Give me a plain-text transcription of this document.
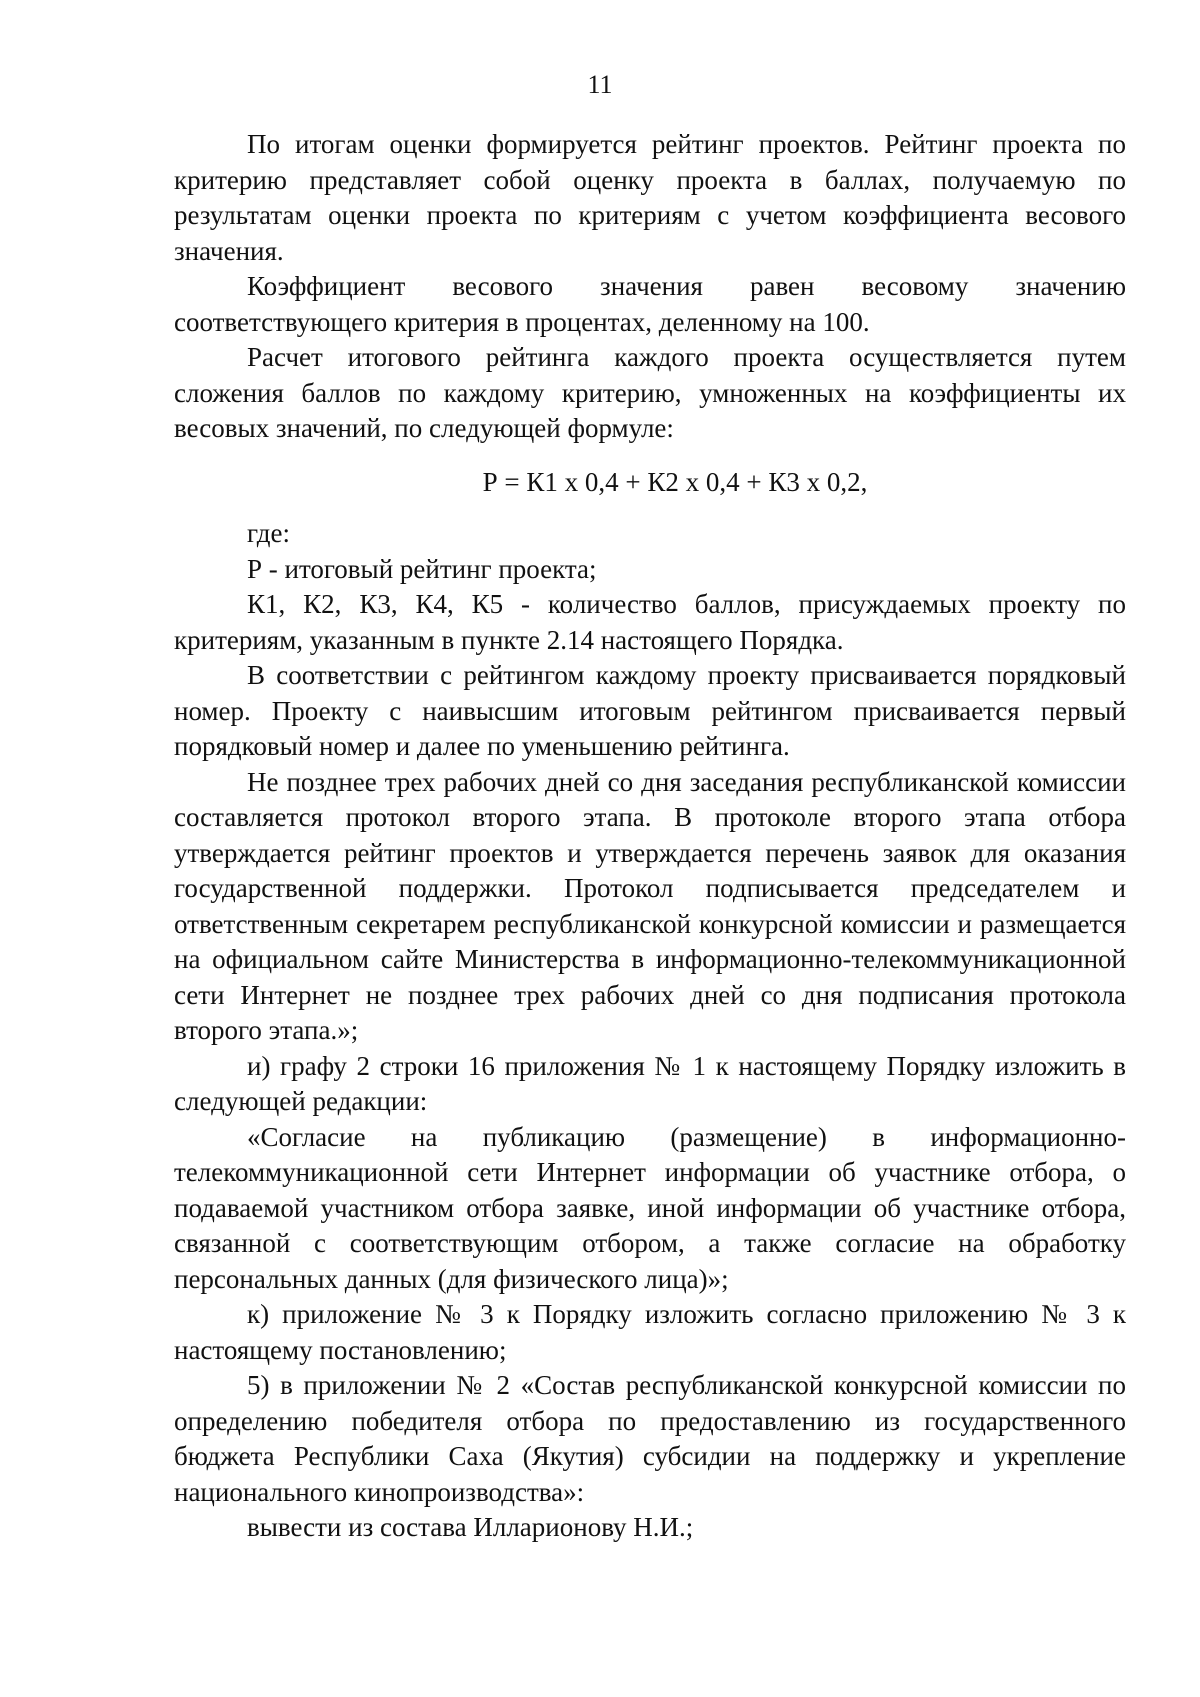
11

По итогам оценки формируется рейтинг проектов. Рейтинг проекта по критерию представляет собой оценку проекта в баллах, получаемую по результатам оценки проекта по критериям с учетом коэффициента весового значения.

Коэффициент весового значения равен весовому значению соответствующего критерия в процентах, деленному на 100.

Расчет итогового рейтинга каждого проекта осуществляется путем сложения баллов по каждому критерию, умноженных на коэффициенты их весовых значений, по следующей формуле:

Р = К1 х 0,4 + К2 х 0,4 + К3 х 0,2,

где:

Р - итоговый рейтинг проекта;

К1, К2, К3, К4, К5 - количество баллов, присуждаемых проекту по критериям, указанным в пункте 2.14 настоящего Порядка.

В соответствии с рейтингом каждому проекту присваивается порядковый номер. Проекту с наивысшим итоговым рейтингом присваивается первый порядковый номер и далее по уменьшению рейтинга.

Не позднее трех рабочих дней со дня заседания республиканской комиссии составляется протокол второго этапа. В протоколе второго этапа отбора утверждается рейтинг проектов и утверждается перечень заявок для оказания государственной поддержки. Протокол подписывается председателем и ответственным секретарем республиканской конкурсной комиссии и размещается на официальном сайте Министерства в информационно-телекоммуникационной сети Интернет не позднее трех рабочих дней со дня подписания протокола второго этапа.»;

и) графу 2 строки 16 приложения № 1 к настоящему Порядку изложить в следующей редакции:

«Согласие на публикацию (размещение) в информационно-телекоммуникационной сети Интернет информации об участнике отбора, о подаваемой участником отбора заявке, иной информации об участнике отбора, связанной с соответствующим отбором, а также согласие на обработку персональных данных (для физического лица)»;

к) приложение № 3 к Порядку изложить согласно приложению № 3 к настоящему постановлению;

5) в приложении № 2 «Состав республиканской конкурсной комиссии по определению победителя отбора по предоставлению из государственного бюджета Республики Саха (Якутия) субсидии на поддержку и укрепление национального кинопроизводства»:

вывести из состава Илларионову Н.И.;
